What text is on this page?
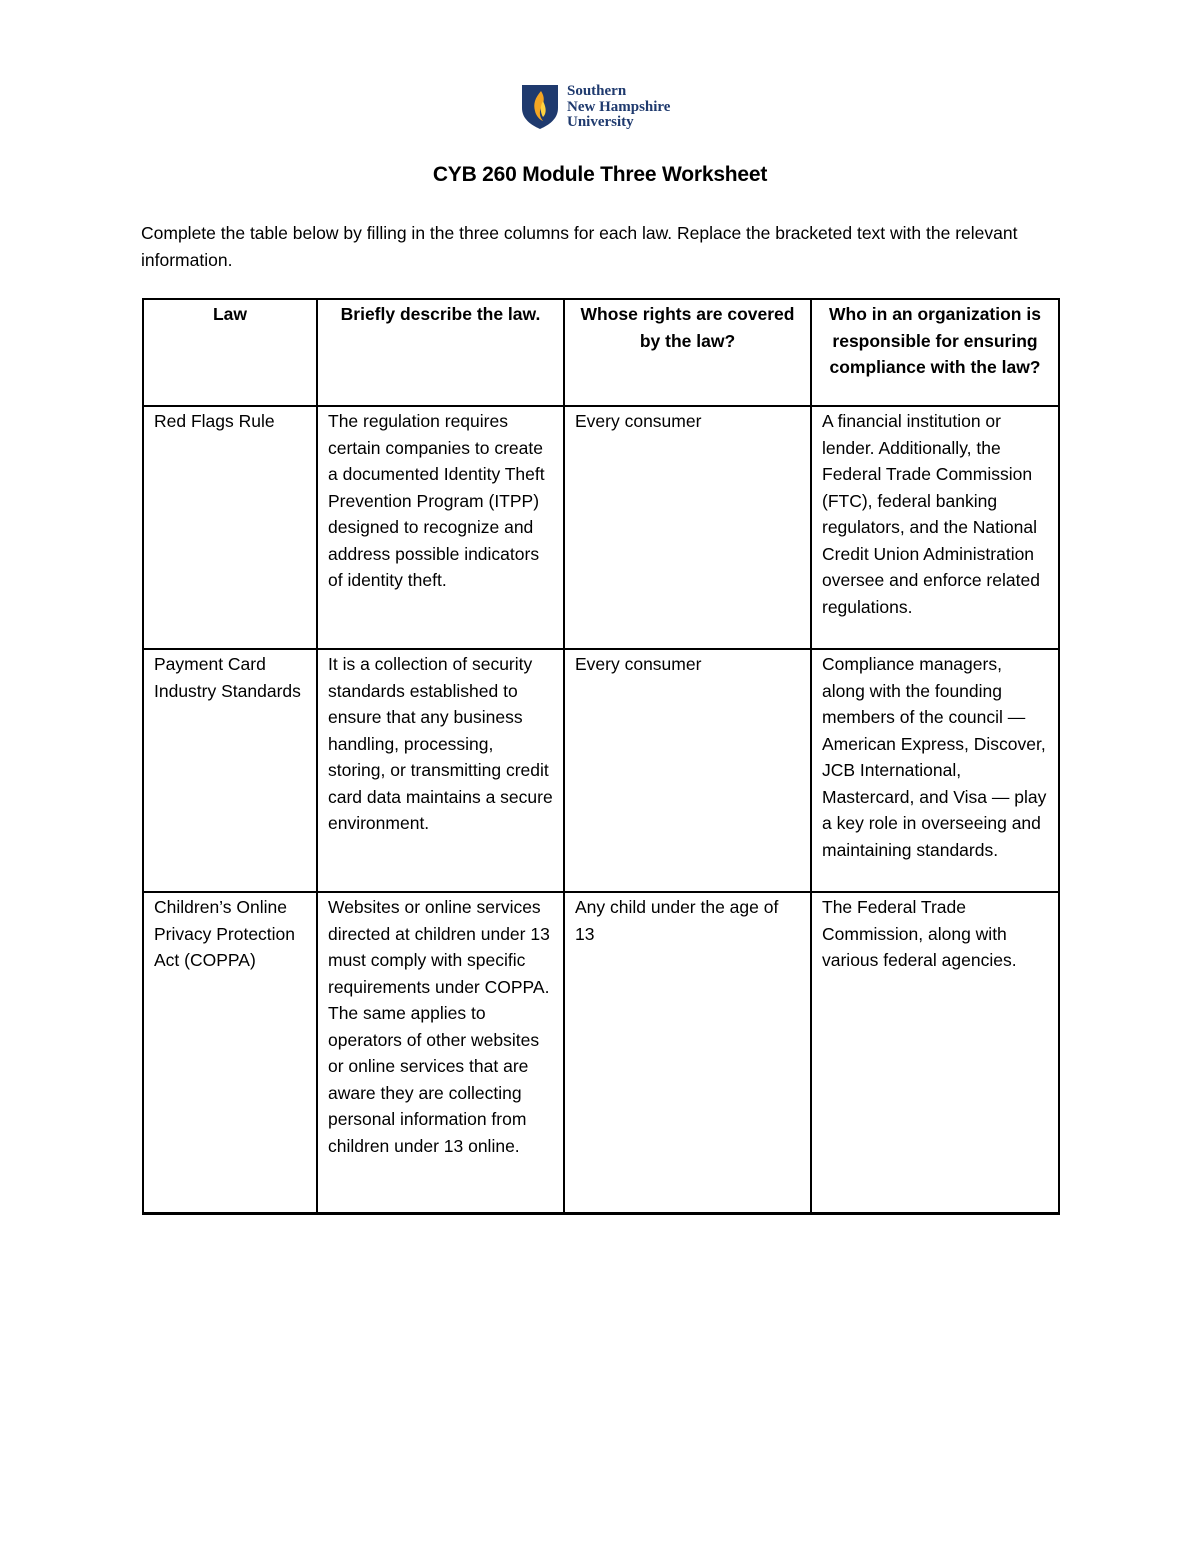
Southern
New Hampshire
University
CYB 260 Module Three Worksheet
Complete the table below by filling in the three columns for each law. Replace the bracketed text with the relevant information.
Law	Briefly describe the law.	Whose rights are covered by the law?	Who in an organization is responsible for ensuring compliance with the law?
Red Flags Rule	The regulation requires certain companies to create a documented Identity Theft Prevention Program (ITPP) designed to recognize and address possible indicators of identity theft.	Every consumer	A financial institution or lender. Additionally, the Federal Trade Commission (FTC), federal banking regulators, and the National Credit Union Administration oversee and enforce related regulations.
Payment Card Industry Standards	It is a collection of security standards established to ensure that any business handling, processing, storing, or transmitting credit card data maintains a secure environment.	Every consumer	Compliance managers, along with the founding members of the council — American Express, Discover, JCB International, Mastercard, and Visa — play a key role in overseeing and maintaining standards.
Children’s Online Privacy Protection Act (COPPA)	Websites or online services directed at children under 13 must comply with specific requirements under COPPA. The same applies to operators of other websites or online services that are aware they are collecting personal information from children under 13 online.	Any child under the age of 13	The Federal Trade Commission, along with various federal agencies.
